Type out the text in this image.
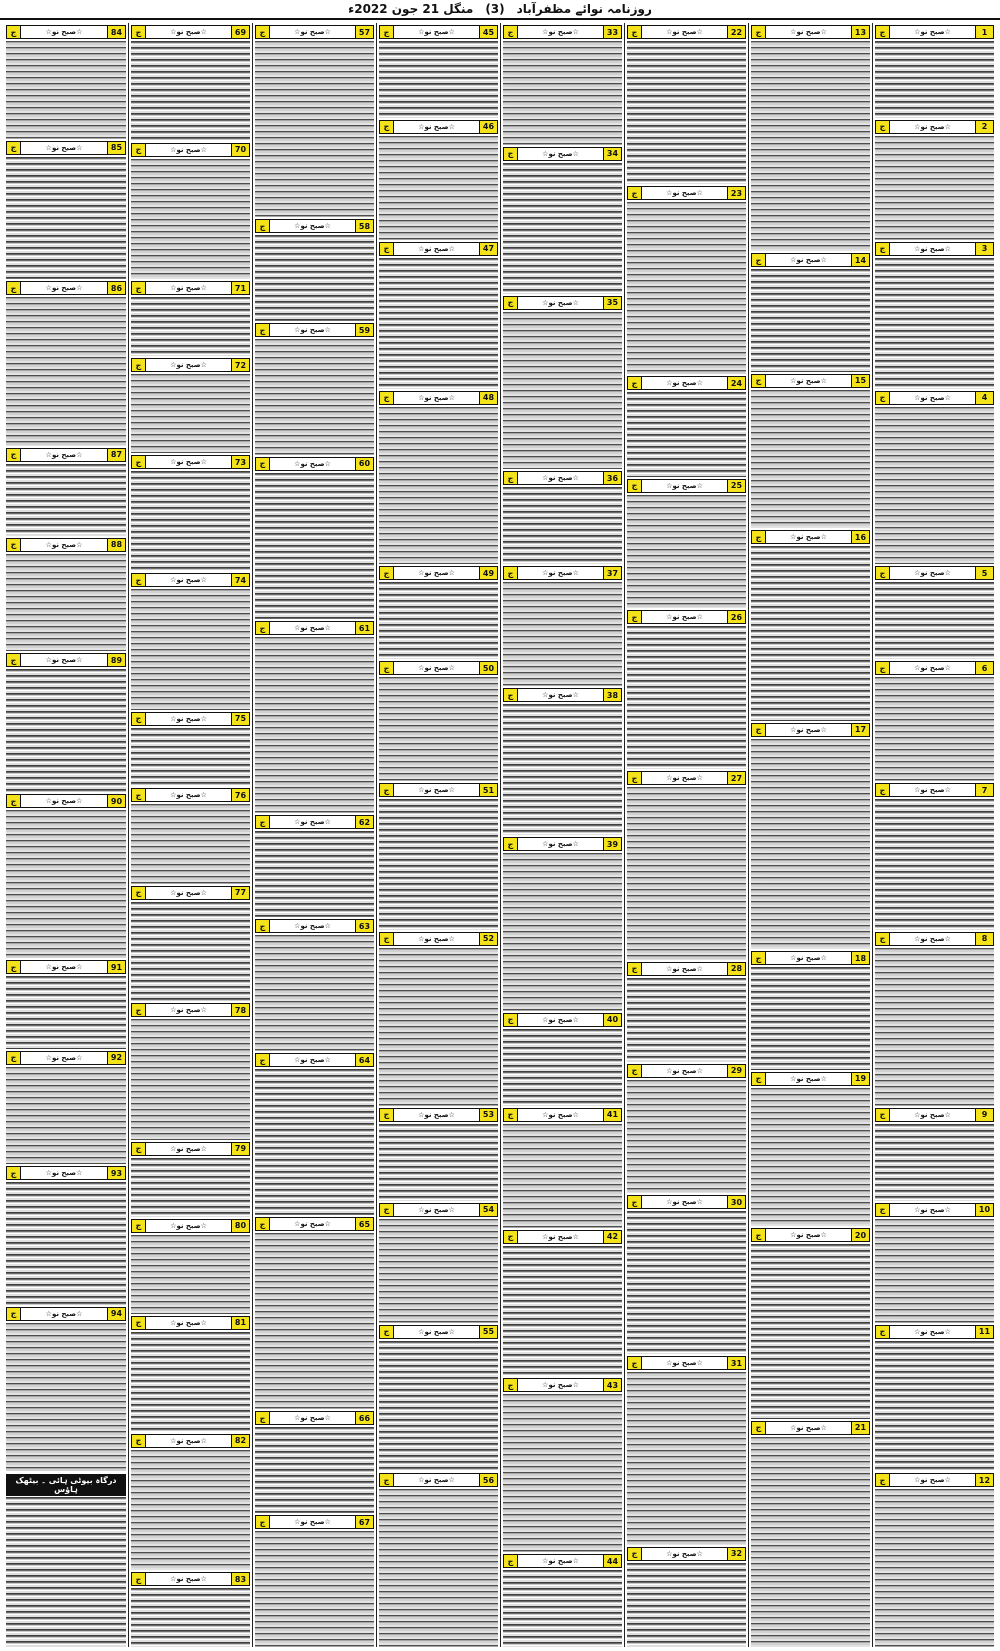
روزنامہ نوائے مظفرآباد
(3)
منگل 21 جون 2022ء
1
☆صبح نو☆
ج
2
☆صبح نو☆
ج
3
☆صبح نو☆
ج
4
☆صبح نو☆
ج
5
☆صبح نو☆
ج
6
☆صبح نو☆
ج
7
☆صبح نو☆
ج
8
☆صبح نو☆
ج
9
☆صبح نو☆
ج
10
☆صبح نو☆
ج
11
☆صبح نو☆
ج
12
☆صبح نو☆
ج
13
☆صبح نو☆
ج
14
☆صبح نو☆
ج
15
☆صبح نو☆
ج
16
☆صبح نو☆
ج
17
☆صبح نو☆
ج
18
☆صبح نو☆
ج
19
☆صبح نو☆
ج
20
☆صبح نو☆
ج
21
☆صبح نو☆
ج
22
☆صبح نو☆
ج
23
☆صبح نو☆
ج
24
☆صبح نو☆
ج
25
☆صبح نو☆
ج
26
☆صبح نو☆
ج
27
☆صبح نو☆
ج
28
☆صبح نو☆
ج
29
☆صبح نو☆
ج
30
☆صبح نو☆
ج
31
☆صبح نو☆
ج
32
☆صبح نو☆
ج
33
☆صبح نو☆
ج
34
☆صبح نو☆
ج
35
☆صبح نو☆
ج
36
☆صبح نو☆
ج
37
☆صبح نو☆
ج
38
☆صبح نو☆
ج
39
☆صبح نو☆
ج
40
☆صبح نو☆
ج
41
☆صبح نو☆
ج
42
☆صبح نو☆
ج
43
☆صبح نو☆
ج
44
☆صبح نو☆
ج
45
☆صبح نو☆
ج
46
☆صبح نو☆
ج
47
☆صبح نو☆
ج
48
☆صبح نو☆
ج
49
☆صبح نو☆
ج
50
☆صبح نو☆
ج
51
☆صبح نو☆
ج
52
☆صبح نو☆
ج
53
☆صبح نو☆
ج
54
☆صبح نو☆
ج
55
☆صبح نو☆
ج
56
☆صبح نو☆
ج
57
☆صبح نو☆
ج
58
☆صبح نو☆
ج
59
☆صبح نو☆
ج
60
☆صبح نو☆
ج
61
☆صبح نو☆
ج
62
☆صبح نو☆
ج
63
☆صبح نو☆
ج
64
☆صبح نو☆
ج
65
☆صبح نو☆
ج
66
☆صبح نو☆
ج
67
☆صبح نو☆
ج
69
☆صبح نو☆
ج
70
☆صبح نو☆
ج
71
☆صبح نو☆
ج
72
☆صبح نو☆
ج
73
☆صبح نو☆
ج
74
☆صبح نو☆
ج
75
☆صبح نو☆
ج
76
☆صبح نو☆
ج
77
☆صبح نو☆
ج
78
☆صبح نو☆
ج
79
☆صبح نو☆
ج
80
☆صبح نو☆
ج
81
☆صبح نو☆
ج
82
☆صبح نو☆
ج
83
☆صبح نو☆
ج
84
☆صبح نو☆
ج
85
☆صبح نو☆
ج
86
☆صبح نو☆
ج
87
☆صبح نو☆
ج
88
☆صبح نو☆
ج
89
☆صبح نو☆
ج
90
☆صبح نو☆
ج
91
☆صبح نو☆
ج
92
☆صبح نو☆
ج
93
☆صبح نو☆
ج
94
☆صبح نو☆
ج
درگاہ بیوٹی ہائی ۔ بیٹھک ہاؤس
